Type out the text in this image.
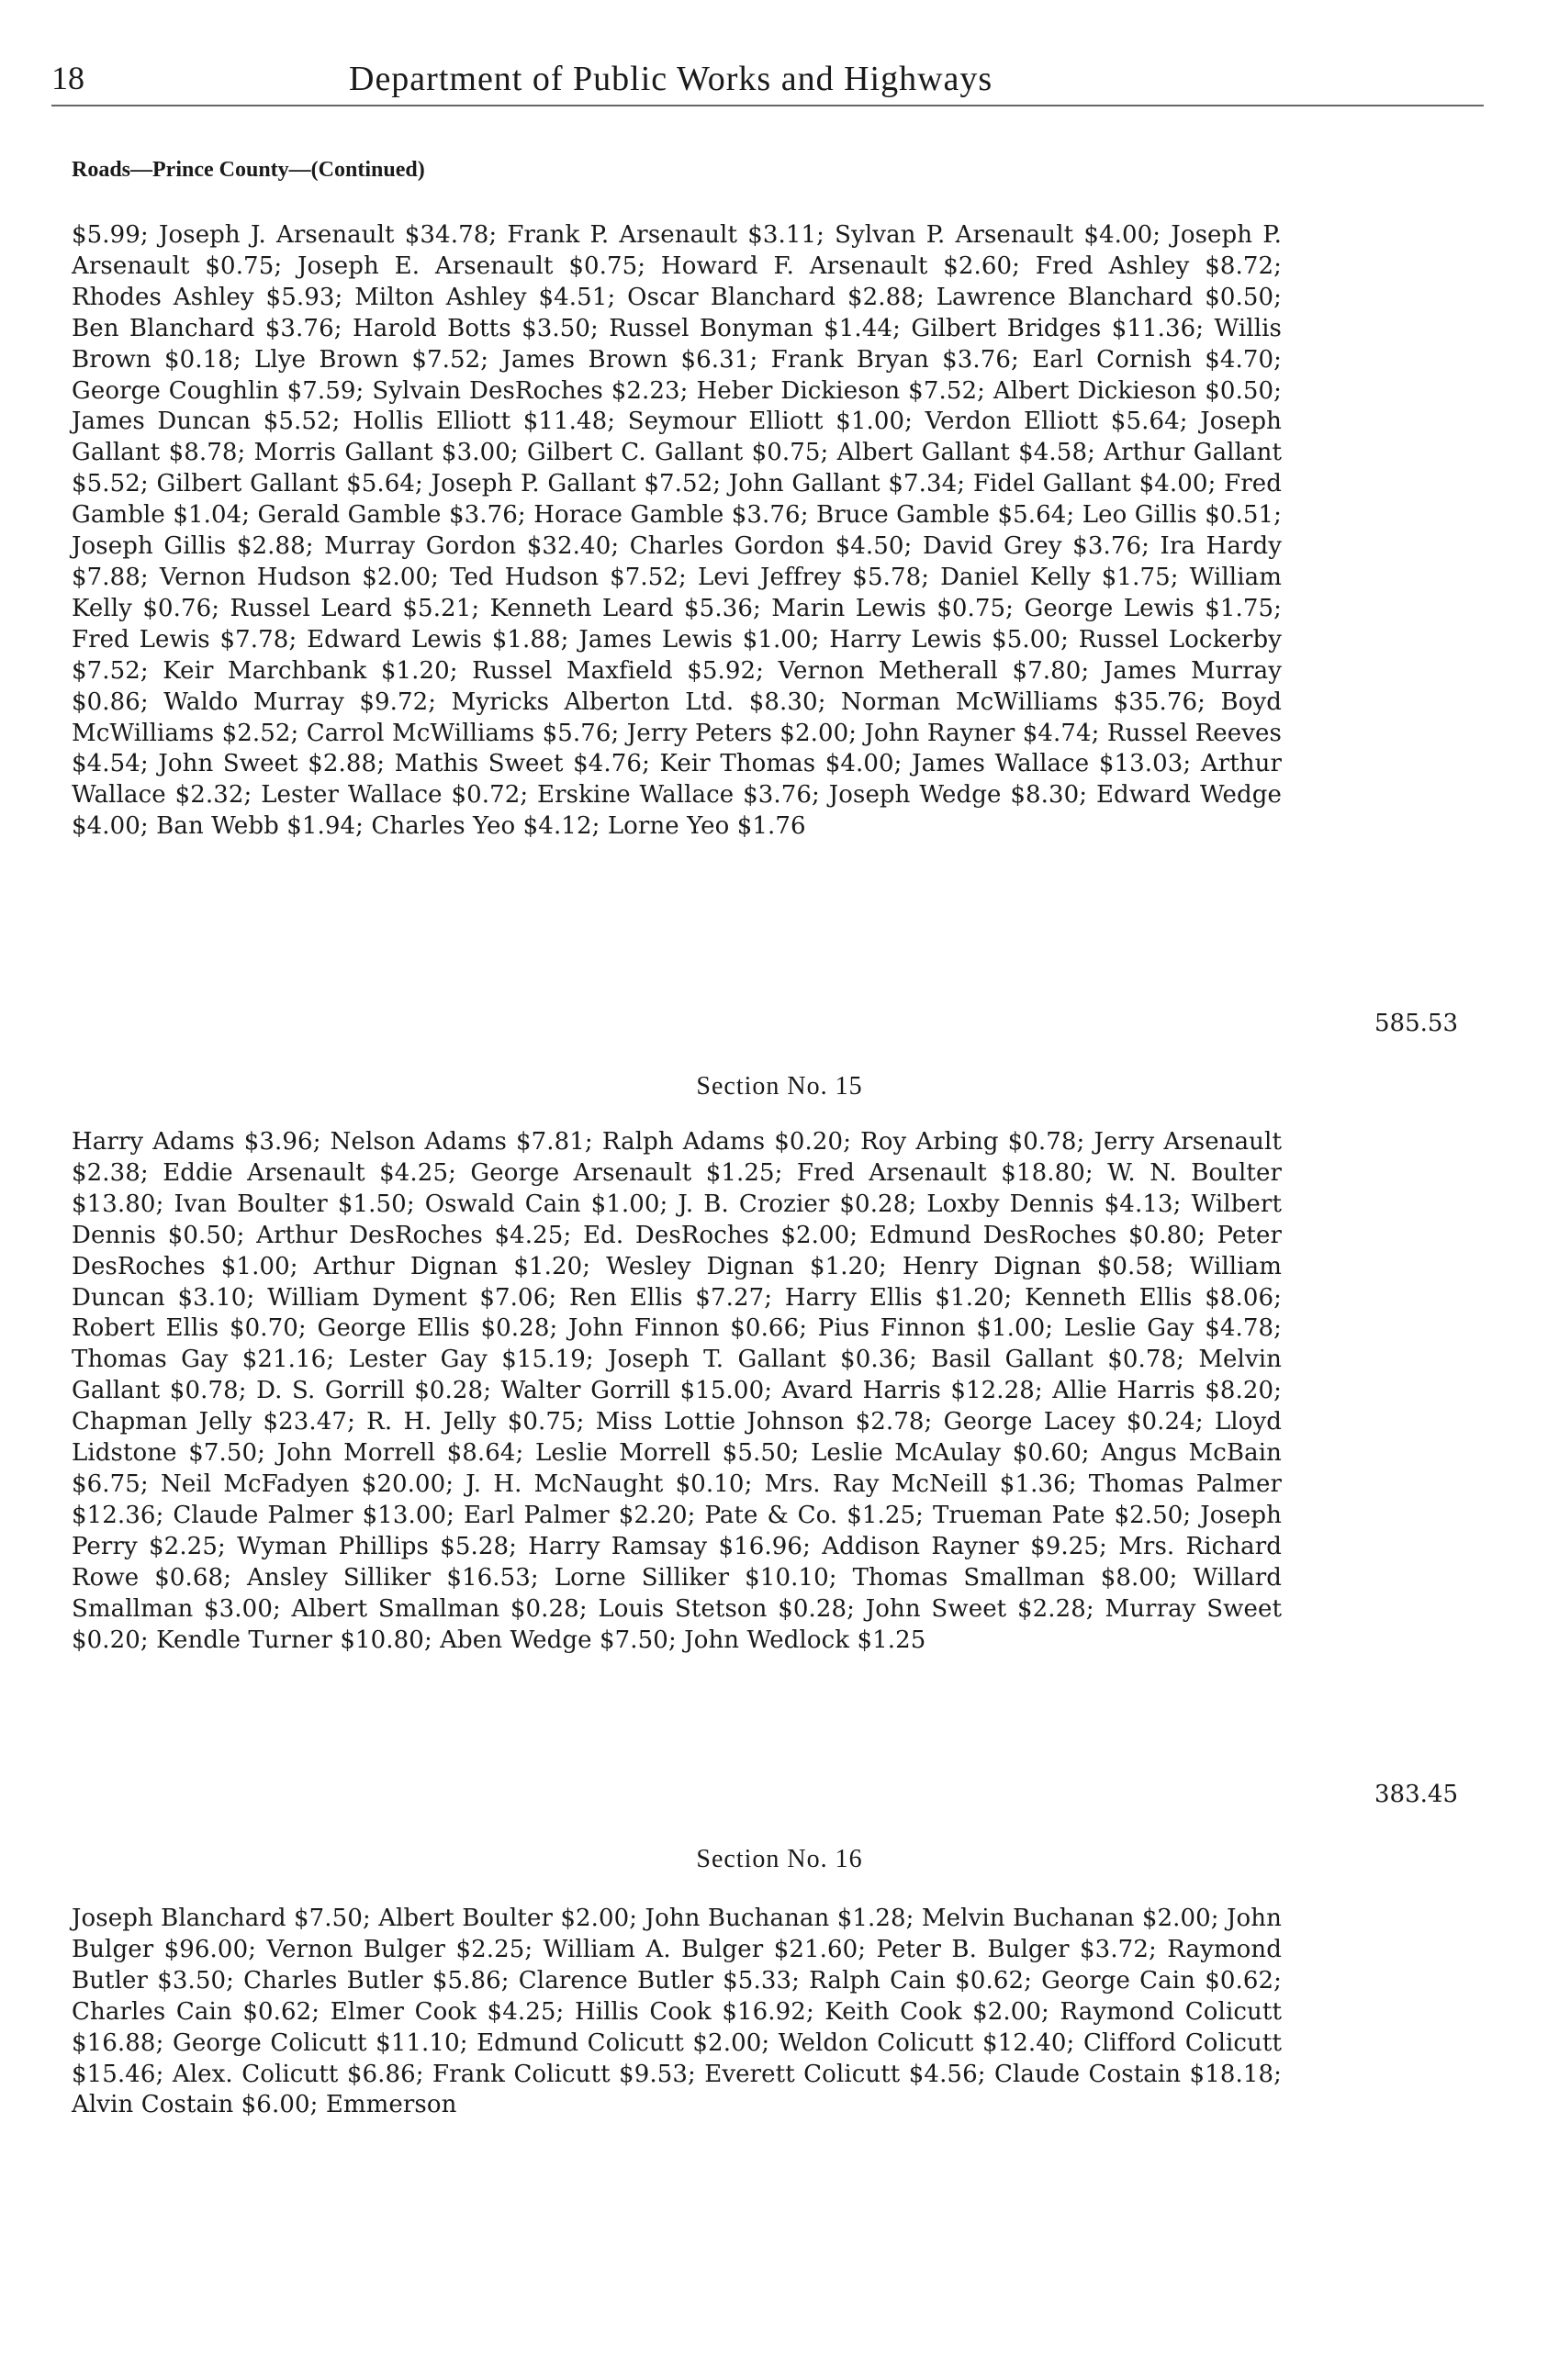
18	Department of Public Works and Highways
Roads—Prince County—(Continued)
$5.99; Joseph J. Arsenault $34.78; Frank P. Arsenault $3.11; Sylvan P. Arsenault $4.00; Joseph P. Arsenault $0.75; Joseph E. Arsenault $0.75; Howard F. Arsenault $2.60; Fred Ashley $8.72; Rhodes Ashley $5.93; Milton Ashley $4.51; Oscar Blanchard $2.88; Lawrence Blanchard $0.50; Ben Blanchard $3.76; Harold Botts $3.50; Russel Bonyman $1.44; Gilbert Bridges $11.36; Willis Brown $0.18; Llye Brown $7.52; James Brown $6.31; Frank Bryan $3.76; Earl Cornish $4.70; George Coughlin $7.59; Sylvain DesRoches $2.23; Heber Dickieson $7.52; Albert Dickieson $0.50; James Duncan $5.52; Hollis Elliott $11.48; Seymour Elliott $1.00; Verdon Elliott $5.64; Joseph Gallant $8.78; Morris Gallant $3.00; Gilbert C. Gallant $0.75; Albert Gallant $4.58; Arthur Gallant $5.52; Gilbert Gallant $5.64; Joseph P. Gallant $7.52; John Gallant $7.34; Fidel Gallant $4.00; Fred Gamble $1.04; Gerald Gamble $3.76; Horace Gamble $3.76; Bruce Gamble $5.64; Leo Gillis $0.51; Joseph Gillis $2.88; Murray Gordon $32.40; Charles Gordon $4.50; David Grey $3.76; Ira Hardy $7.88; Vernon Hudson $2.00; Ted Hudson $7.52; Levi Jeffrey $5.78; Daniel Kelly $1.75; William Kelly $0.76; Russel Leard $5.21; Kenneth Leard $5.36; Marin Lewis $0.75; George Lewis $1.75; Fred Lewis $7.78; Edward Lewis $1.88; James Lewis $1.00; Harry Lewis $5.00; Russel Lockerby $7.52; Keir Marchbank $1.20; Russel Maxfield $5.92; Vernon Metherall $7.80; James Murray $0.86; Waldo Murray $9.72; Myricks Alberton Ltd. $8.30; Norman McWilliams $35.76; Boyd McWilliams $2.52; Carrol McWilliams $5.76; Jerry Peters $2.00; John Rayner $4.74; Russel Reeves $4.54; John Sweet $2.88; Mathis Sweet $4.76; Keir Thomas $4.00; James Wallace $13.03; Arthur Wallace $2.32; Lester Wallace $0.72; Erskine Wallace $3.76; Joseph Wedge $8.30; Edward Wedge $4.00; Ban Webb $1.94; Charles Yeo $4.12; Lorne Yeo $1.76
585.53
Section No. 15
Harry Adams $3.96; Nelson Adams $7.81; Ralph Adams $0.20; Roy Arbing $0.78; Jerry Arsenault $2.38; Eddie Arsenault $4.25; George Arsenault $1.25; Fred Arsenault $18.80; W. N. Boulter $13.80; Ivan Boulter $1.50; Oswald Cain $1.00; J. B. Crozier $0.28; Loxby Dennis $4.13; Wilbert Dennis $0.50; Arthur DesRoches $4.25; Ed. DesRoches $2.00; Edmund DesRoches $0.80; Peter DesRoches $1.00; Arthur Dignan $1.20; Wesley Dignan $1.20; Henry Dignan $0.58; William Duncan $3.10; William Dyment $7.06; Ren Ellis $7.27; Harry Ellis $1.20; Kenneth Ellis $8.06; Robert Ellis $0.70; George Ellis $0.28; John Finnon $0.66; Pius Finnon $1.00; Leslie Gay $4.78; Thomas Gay $21.16; Lester Gay $15.19; Joseph T. Gallant $0.36; Basil Gallant $0.78; Melvin Gallant $0.78; D. S. Gorrill $0.28; Walter Gorrill $15.00; Avard Harris $12.28; Allie Harris $8.20; Chapman Jelly $23.47; R. H. Jelly $0.75; Miss Lottie Johnson $2.78; George Lacey $0.24; Lloyd Lidstone $7.50; John Morrell $8.64; Leslie Morrell $5.50; Leslie McAulay $0.60; Angus McBain $6.75; Neil McFadyen $20.00; J. H. McNaught $0.10; Mrs. Ray McNeill $1.36; Thomas Palmer $12.36; Claude Palmer $13.00; Earl Palmer $2.20; Pate & Co. $1.25; Trueman Pate $2.50; Joseph Perry $2.25; Wyman Phillips $5.28; Harry Ramsay $16.96; Addison Rayner $9.25; Mrs. Richard Rowe $0.68; Ansley Silliker $16.53; Lorne Silliker $10.10; Thomas Smallman $8.00; Willard Smallman $3.00; Albert Smallman $0.28; Louis Stetson $0.28; John Sweet $2.28; Murray Sweet $0.20; Kendle Turner $10.80; Aben Wedge $7.50; John Wedlock $1.25
383.45
Section No. 16
Joseph Blanchard $7.50; Albert Boulter $2.00; John Buchanan $1.28; Melvin Buchanan $2.00; John Bulger $96.00; Vernon Bulger $2.25; William A. Bulger $21.60; Peter B. Bulger $3.72; Raymond Butler $3.50; Charles Butler $5.86; Clarence Butler $5.33; Ralph Cain $0.62; George Cain $0.62; Charles Cain $0.62; Elmer Cook $4.25; Hillis Cook $16.92; Keith Cook $2.00; Raymond Colicutt $16.88; George Colicutt $11.10; Edmund Colicutt $2.00; Weldon Colicutt $12.40; Clifford Colicutt $15.46; Alex. Colicutt $6.86; Frank Colicutt $9.53; Everett Colicutt $4.56; Claude Costain $18.18; Alvin Costain $6.00; Emmerson
